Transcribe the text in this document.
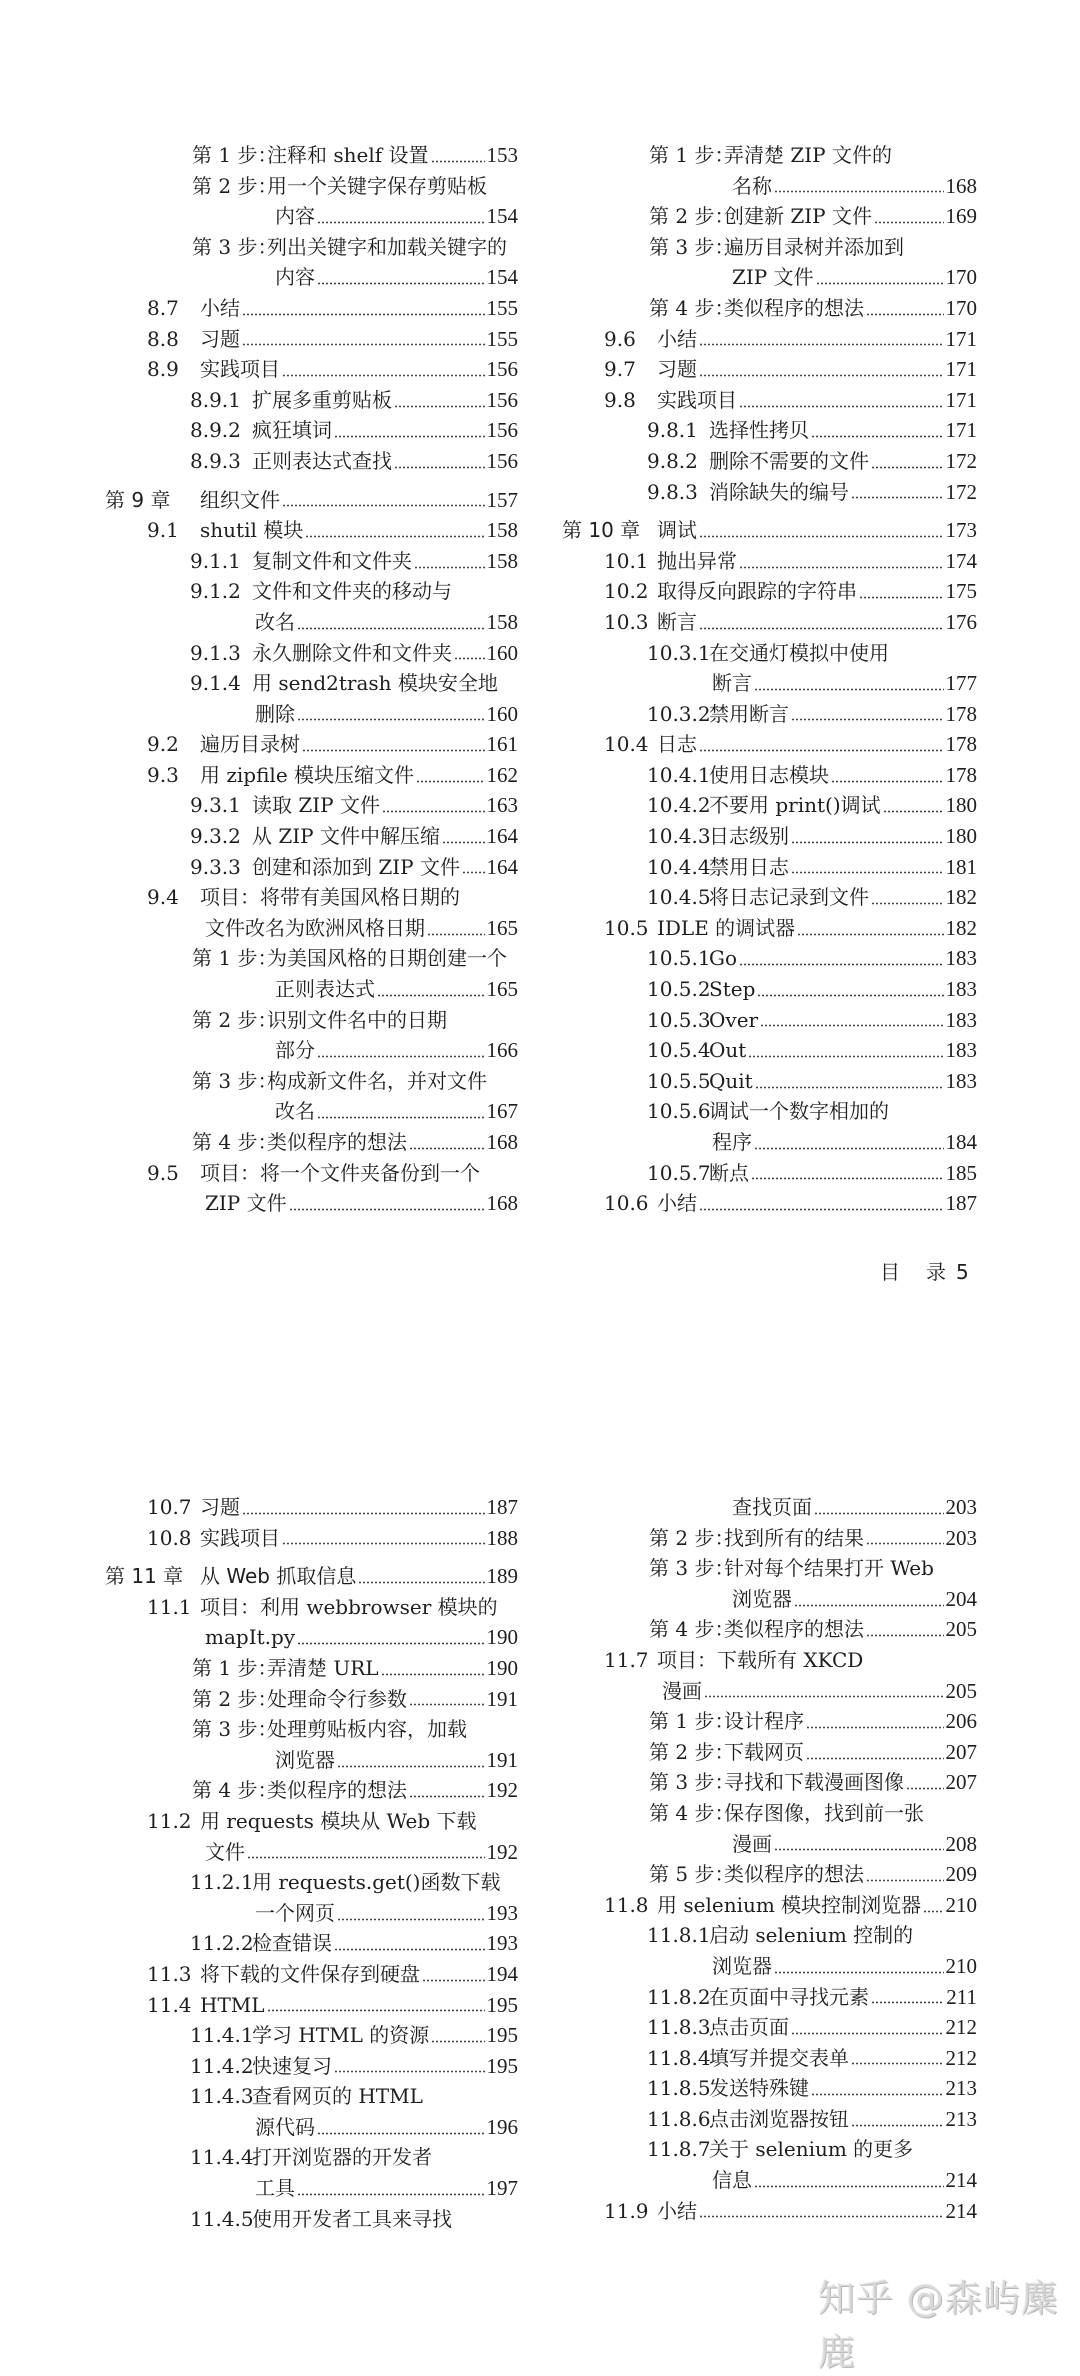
第 1 步：
注释和 shelf 设置	153
第 2 步：
用一个关键字保存剪贴板
内容	154
第 3 步：
列出关键字和加载关键字的
内容	154
8.7 小结	155
8.8 习题	155
8.9 实践项目	156
8.9.1 扩展多重剪贴板	156
8.9.2 疯狂填词	156
8.9.3 正则表达式查找	156
第 9 章 组织文件	157
9.1 shutil 模块	158
9.1.1 复制文件和文件夹	158
9.1.2 文件和文件夹的移动与
改名	158
9.1.3 永久删除文件和文件夹 160
9.1.4 用 send2trash 模块安全地
删除	160
9.2 遍历目录树	161
9.3 用 zipfile 模块压缩文件	162
9.3.1 读取 ZIP 文件	163
9.3.2 从 ZIP 文件中解压缩 164
9.3.3 创建和添加到 ZIP 文件 164
9.4 项目：将带有美国风格日期的
文件改名为欧洲风格日期	165
第 1 步：
为美国风格的日期创建一个
正则表达式	165
第 2 步：
识别文件名中的日期
部分	166
第 3 步：
构成新文件名，并对文件
改名	167
第 4 步：
类似程序的想法	168
9.5 项目：将一个文件夹备份到一个
ZIP 文件	168
第 1 步：
弄清楚 ZIP 文件的
名称	168
第 2 步：
创建新 ZIP 文件	169
第 3 步：
遍历目录树并添加到
ZIP 文件	170
第 4 步：
类似程序的想法	170
9.6 小结	171
9.7 习题	171
9.8 实践项目	171
9.8.1 选择性拷贝	171
9.8.2 删除不需要的文件	172
9.8.3 消除缺失的编号	172
第 10 章 调试	173
10.1 抛出异常	174
10.2 取得反向跟踪的字符串	175
10.3 断言	176
10.3.1
在交通灯模拟中使用
断言	177
10.3.2
禁用断言	178
10.4 日志	178
10.4.1
使用日志模块	178
10.4.2
不要用 print()调试	180
10.4.3
日志级别	180
10.4.4
禁用日志	181
10.4.5
将日志记录到文件	182
10.5 IDLE 的调试器	182
10.5.1
Go	183
10.5.2
Step	183
10.5.3
Over	183
10.5.4
Out	183
10.5.5
Quit	183
10.5.6
调试一个数字相加的
程序	184
10.5.7
断点	185
10.6 小结	187
目 录 5
10.7 习题	187
10.8 实践项目	188
第 11 章 从 Web 抓取信息	189
11.1 项目：利用 webbrowser 模块的
mapIt.py	190
第 1 步：
弄清楚 URL	190
第 2 步：
处理命令行参数	191
第 3 步：
处理剪贴板内容，加载
浏览器	191
第 4 步：
类似程序的想法	192
11.2 用 requests 模块从 Web 下载
文件	192
11.2.1
用 requests.get()函数下载
一个网页	193
11.2.2
检查错误	193
11.3 将下载的文件保存到硬盘	194
11.4 HTML	195
11.4.1
学习 HTML 的资源	195
11.4.2
快速复习	195
11.4.3
查看网页的 HTML
源代码	196
11.4.4
打开浏览器的开发者
工具	197
11.4.5
使用开发者工具来寻找
查找页面	203
第 2 步：
找到所有的结果	203
第 3 步：
针对每个结果打开 Web
浏览器	204
第 4 步：
类似程序的想法	205
11.7 项目：下载所有 XKCD
漫画	205
第 1 步：
设计程序	206
第 2 步：
下载网页	207
第 3 步：
寻找和下载漫画图像 207
第 4 步：
保存图像，找到前一张
漫画	208
第 5 步：
类似程序的想法	209
11.8 用 selenium 模块控制浏览器 210
11.8.1
启动 selenium 控制的
浏览器	210
11.8.2
在页面中寻找元素	211
11.8.3
点击页面	212
11.8.4
填写并提交表单	212
11.8.5
发送特殊键	213
11.8.6
点击浏览器按钮	213
11.8.7
关于 selenium 的更多
信息	214
11.9 小结	214
知乎 @森屿麋鹿
